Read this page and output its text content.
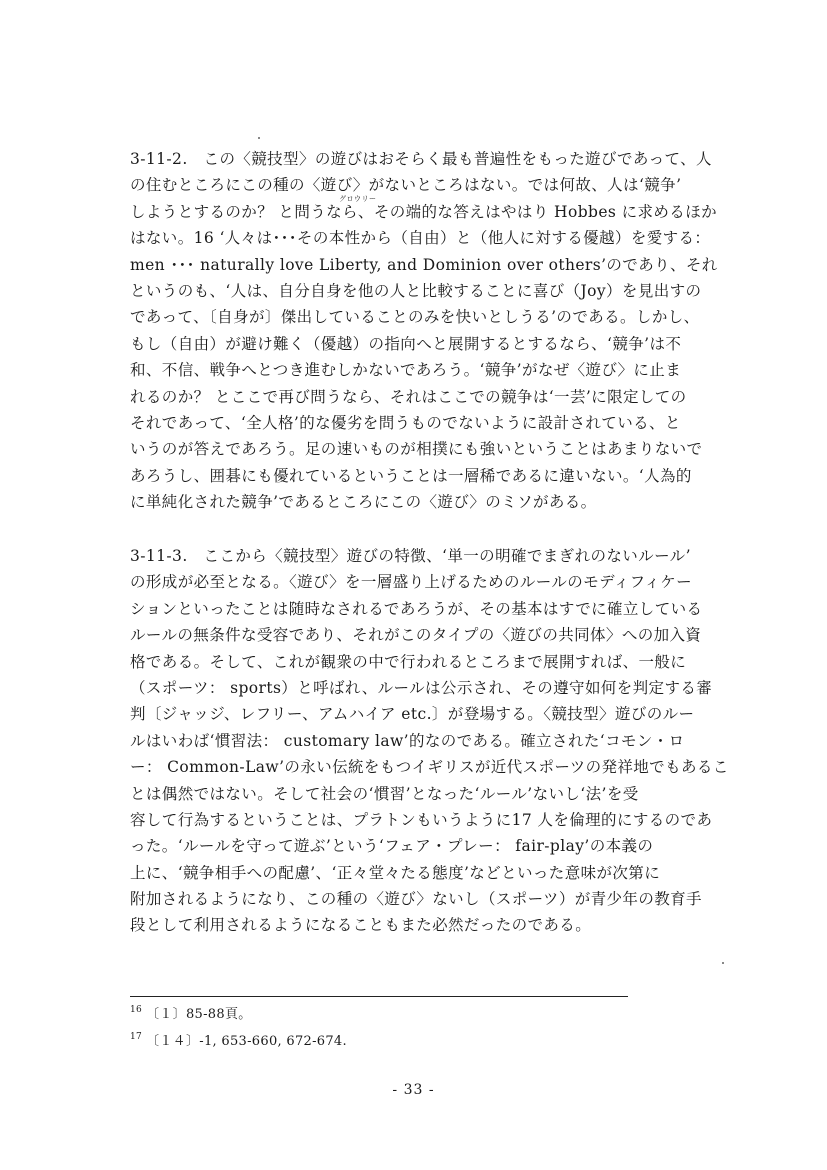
グロウリー
3-11-2.　この〈競技型〉の遊びはおそらく最も普遍性をもった遊びであって、人
の住むところにこの種の〈遊び〉がないところはない。では何故、人は‘競争’
しようとするのか？ と問うなら、その端的な答えはやはり Hobbes に求めるほか
はない。16 ‘人々は･･･その本性から（自由）と（他人に対する優越）を愛する：
men ･･･ naturally love Liberty, and Dominion over others’のであり、それ
というのも、‘人は、自分自身を他の人と比較することに喜び（Joy）を見出すの
であって、〔自身が〕傑出していることのみを快いとしうる’のである。しかし、
もし（自由）が避け難く（優越）の指向へと展開するとするなら、‘競争’は不
和、不信、戦争へとつき進むしかないであろう。‘競争’がなぜ〈遊び〉に止ま
れるのか？ とここで再び問うなら、それはここでの競争は‘一芸’に限定しての
それであって、‘全人格’的な優劣を問うものでないように設計されている、と
いうのが答えであろう。足の速いものが相撲にも強いということはあまりないで
あろうし、囲碁にも優れているということは一層稀であるに違いない。‘人為的
に単純化された競争’であるところにこの〈遊び〉のミソがある。
3-11-3.　ここから〈競技型〉遊びの特徴、‘単一の明確でまぎれのないルール’
の形成が必至となる。〈遊び〉を一層盛り上げるためのルールのモディフィケー
ションといったことは随時なされるであろうが、その基本はすでに確立している
ルールの無条件な受容であり、それがこのタイプの〈遊びの共同体〉への加入資
格である。そして、これが観衆の中で行われるところまで展開すれば、一般に
（スポーツ： sports）と呼ばれ、ルールは公示され、その遵守如何を判定する審
判〔ジャッジ、レフリー、アムハイア etc.〕が登場する。〈競技型〉遊びのルー
ルはいわば‘慣習法： customary law’的なのである。確立された‘コモン・ロ
ー： Common-Law’の永い伝統をもつイギリスが近代スポーツの発祥地でもあるこ
とは偶然ではない。そして社会の‘慣習’となった‘ルール’ないし‘法’を受
容して行為するということは、プラトンもいうように17 人を倫理的にするのであ
った。‘ルールを守って遊ぶ’という‘フェア・プレー： fair-play’の本義の
上に、‘競争相手への配慮’、‘正々堂々たる態度’などといった意味が次第に
附加されるようになり、この種の〈遊び〉ないし（スポーツ）が青少年の教育手
段として利用されるようになることもまた必然だったのである。
$^{16}$ 〔１〕85-88頁。
$^{17}$ 〔１４〕-1, 653-660, 672-674.
- 33 -
